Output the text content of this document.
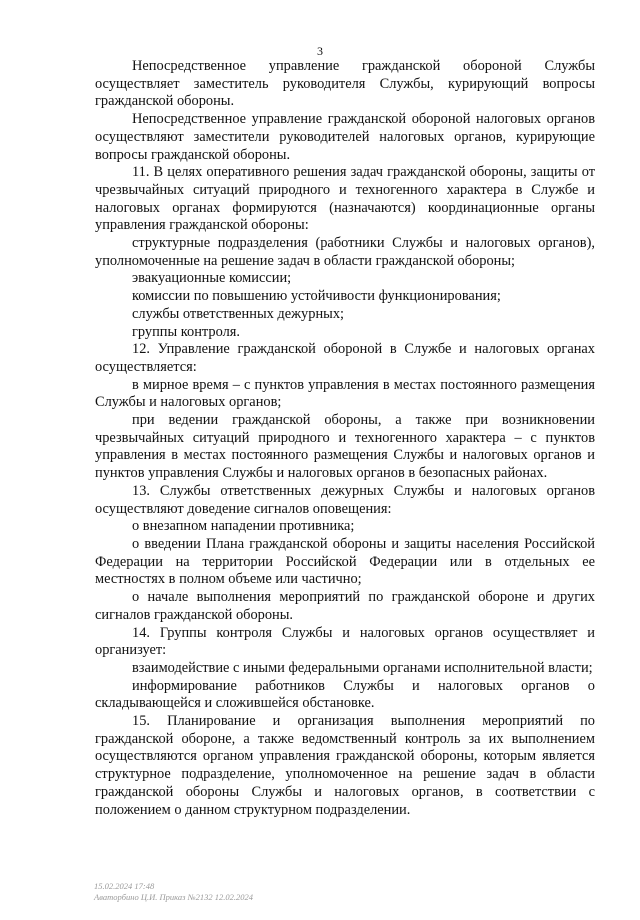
3

Непосредственное управление гражданской обороной Службы осуществляет заместитель руководителя Службы, курирующий вопросы гражданской обороны.

Непосредственное управление гражданской обороной налоговых органов осуществляют заместители руководителей налоговых органов, курирующие вопросы гражданской обороны.

11. В целях оперативного решения задач гражданской обороны, защиты от чрезвычайных ситуаций природного и техногенного характера в Службе и налоговых органах формируются (назначаются) координационные органы управления гражданской обороны:

структурные подразделения (работники Службы и налоговых органов), уполномоченные на решение задач в области гражданской обороны;

эвакуационные комиссии;

комиссии по повышению устойчивости функционирования;

службы ответственных дежурных;

группы контроля.

12. Управление гражданской обороной в Службе и налоговых органах осуществляется:

в мирное время – с пунктов управления в местах постоянного размещения Службы и налоговых органов;

при ведении гражданской обороны, а также при возникновении чрезвычайных ситуаций природного и техногенного характера – с пунктов управления в местах постоянного размещения Службы и налоговых органов и пунктов управления Службы и налоговых органов в безопасных районах.

13. Службы ответственных дежурных Службы и налоговых органов осуществляют доведение сигналов оповещения:

о внезапном нападении противника;

о введении Плана гражданской обороны и защиты населения Российской Федерации на территории Российской Федерации или в отдельных ее местностях в полном объеме или частично;

о начале выполнения мероприятий по гражданской обороне и других сигналов гражданской обороны.

14. Группы контроля Службы и налоговых органов осуществляет и организует:

взаимодействие с иными федеральными органами исполнительной власти;

информирование работников Службы и налоговых органов о складывающейся и сложившейся обстановке.

15. Планирование и организация выполнения мероприятий по гражданской обороне, а также ведомственный контроль за их выполнением осуществляются органом управления гражданской обороны, которым является структурное подразделение, уполномоченное на решение задач в области гражданской обороны Службы и налоговых органов, в соответствии с положением о данном структурном подразделении.

15.02.2024 17:48
Аваторбино Ц.И. Приказ №2132 12.02.2024
